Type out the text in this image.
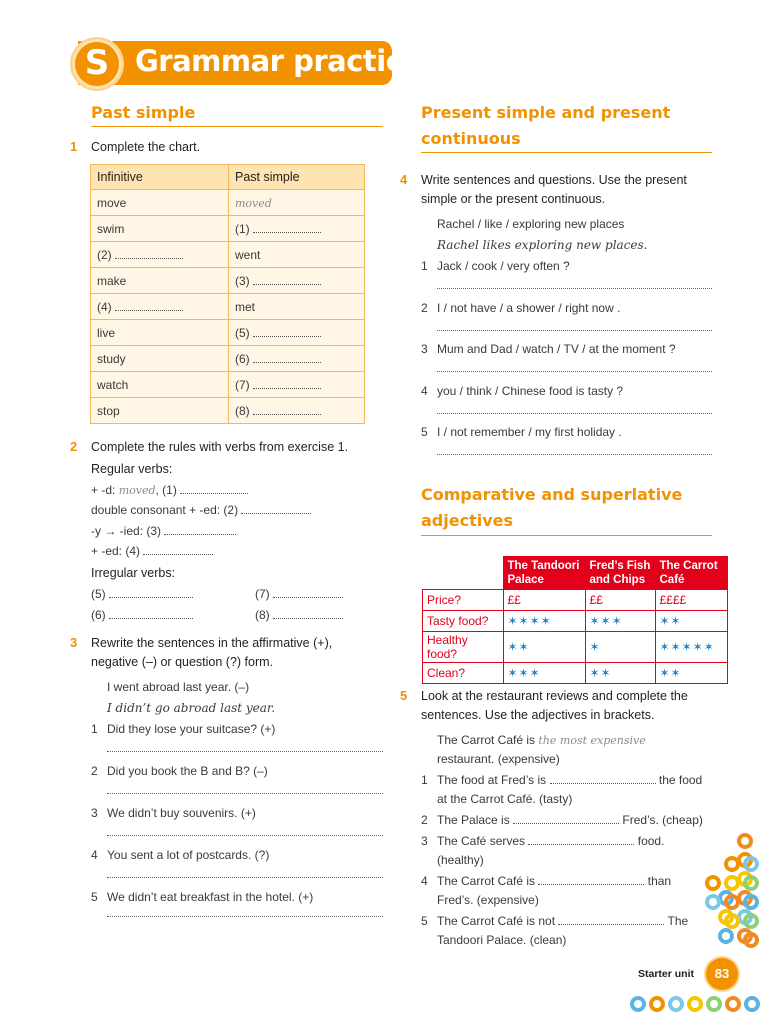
S Grammar practice
Past simple
1 Complete the chart.
Infinitive	Past simple
move	moved
swim	(1)
(2)	went
make	(3)
(4)	met
live	(5)
study	(6)
watch	(7)
stop	(8)
2 Complete the rules with verbs from exercise 1.
Regular verbs:
+ -d: moved, (1)
double consonant + -ed: (2)
-y → -ied: (3)
+ -ed: (4)
Irregular verbs:
(5)	(7)
(6)	(8)
3 Rewrite the sentences in the affirmative (+), negative (–) or question (?) form.
I went abroad last year. (–)
I didn’t go abroad last year.
1 Did they lose your suitcase? (+)
2 Did you book the B and B? (–)
3 We didn’t buy souvenirs. (+)
4 You sent a lot of postcards. (?)
5 We didn’t eat breakfast in the hotel. (+)
Present simple and present continuous
4 Write sentences and questions. Use the present simple or the present continuous.
Rachel / like / exploring new places
Rachel likes exploring new places.
1 Jack / cook / very often ?
2 I / not have / a shower / right now .
3 Mum and Dad / watch / TV / at the moment ?
4 you / think / Chinese food is tasty ?
5 I / not remember / my first holiday .
Comparative and superlative adjectives
	The Tandoori Palace	Fred’s Fish and Chips	The Carrot Café
Price?	££	££	££££
Tasty food?	✶✶✶✶	✶✶✶	✶✶
Healthy food?	✶✶	✶	✶✶✶✶✶
Clean?	✶✶✶	✶✶	✶✶
5 Look at the restaurant reviews and complete the sentences. Use the adjectives in brackets.
The Carrot Café is the most expensive
restaurant. (expensive)
1 The food at Fred’s is	the food
at the Carrot Café. (tasty)
2 The Palace is	Fred’s. (cheap)
3 The Café serves	food.
(healthy)
4 The Carrot Café is	than
Fred’s. (expensive)
5 The Carrot Café is not	The
Tandoori Palace. (clean)
Starter unit	83
